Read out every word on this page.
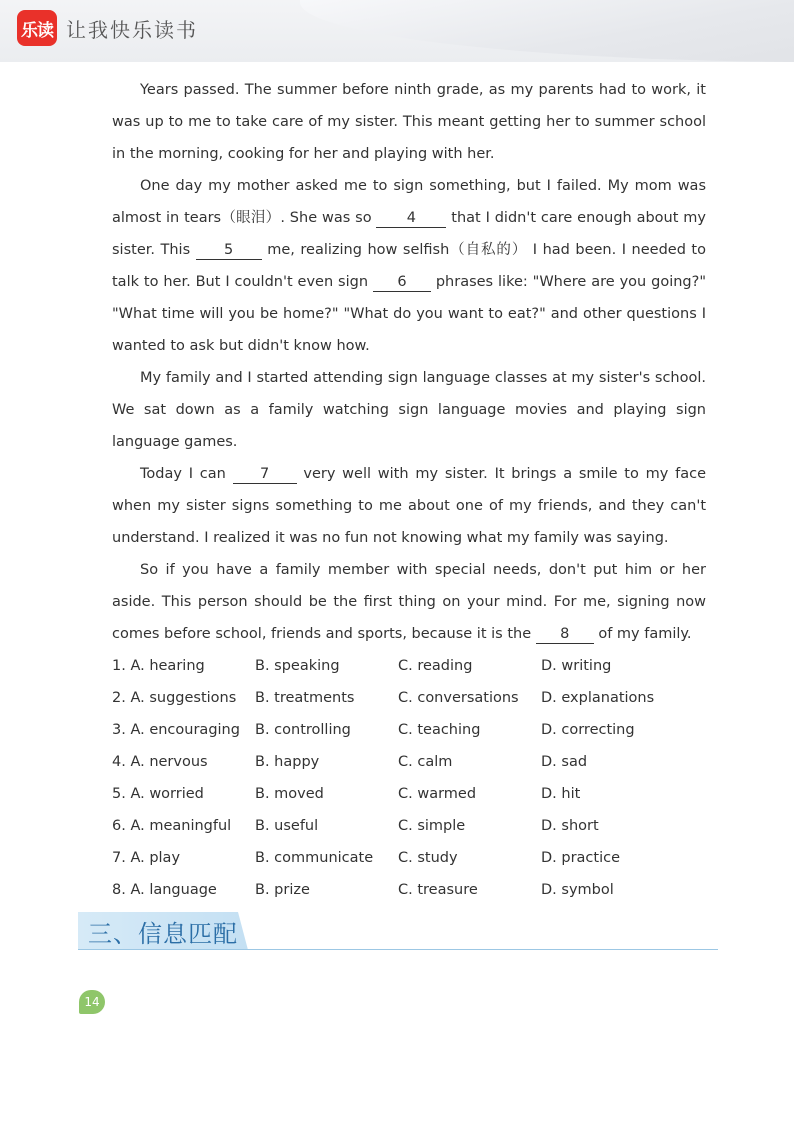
乐读 让我快乐读书

Years passed. The summer before ninth grade, as my parents had to work, it was up to me to take care of my sister. This meant getting her to summer school in the morning, cooking for her and playing with her.

One day my mother asked me to sign something, but I failed. My mom was almost in tears（眼泪）. She was so 4 that I didn't care enough about my sister. This 5 me, realizing how selfish（自私的） I had been. I needed to talk to her. But I couldn't even sign 6 phrases like: "Where are you going?" "What time will you be home?" "What do you want to eat?" and other questions I wanted to ask but didn't know how.

My family and I started attending sign language classes at my sister's school. We sat down as a family watching sign language movies and playing sign language games.

Today I can 7 very well with my sister. It brings a smile to my face when my sister signs something to me about one of my friends, and they can't understand. I realized it was no fun not knowing what my family was saying.

So if you have a family member with special needs, don't put him or her aside. This person should be the first thing on your mind. For me, signing now comes before school, friends and sports, because it is the 8 of my family.

1. A. hearing	B. speaking	C. reading	D. writing
2. A. suggestions	B. treatments	C. conversations	D. explanations
3. A. encouraging	B. controlling	C. teaching	D. correcting
4. A. nervous	B. happy	C. calm	D. sad
5. A. worried	B. moved	C. warmed	D. hit
6. A. meaningful	B. useful	C. simple	D. short
7. A. play	B. communicate	C. study	D. practice
8. A. language	B. prize	C. treasure	D. symbol
三、信息匹配
14
